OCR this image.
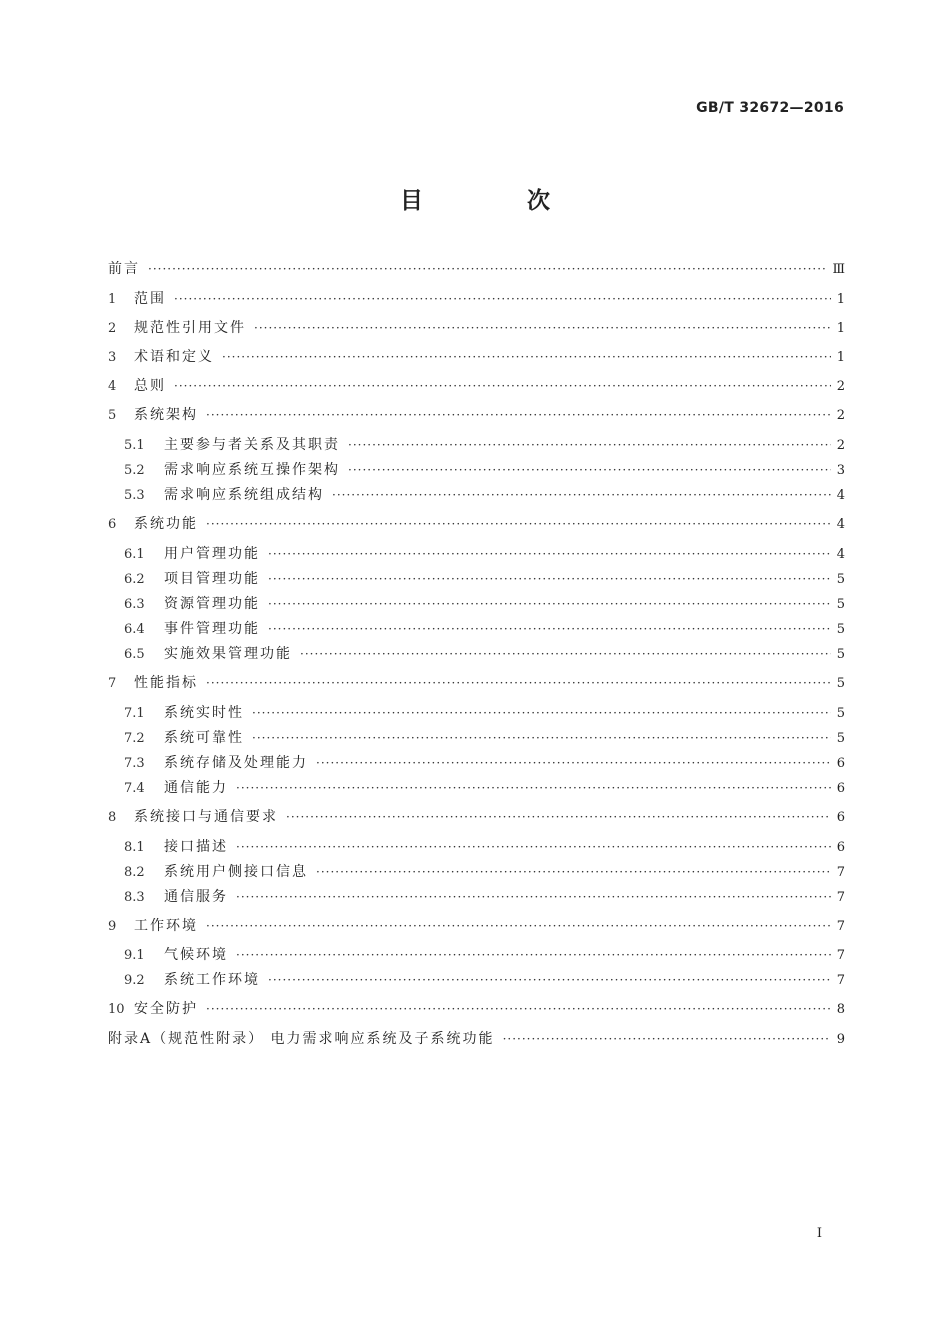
GB/T 32672—2016
目 次
前言 ·····	Ⅲ
1	范围 ·····	1
2	规范性引用文件 ·····	1
3	术语和定义 ·····	1
4	总则 ·····	2
5	系统架构 ·····	2
5.1	主要参与者关系及其职责 ·····	2
5.2	需求响应系统互操作架构 ·····	3
5.3	需求响应系统组成结构 ·····	4
6	系统功能 ·····	4
6.1	用户管理功能 ·····	4
6.2	项目管理功能 ·····	5
6.3	资源管理功能 ·····	5
6.4	事件管理功能 ·····	5
6.5	实施效果管理功能 ·····	5
7	性能指标 ·····	5
7.1	系统实时性 ·····	5
7.2	系统可靠性 ·····	5
7.3	系统存储及处理能力 ·····	6
7.4	通信能力 ·····	6
8	系统接口与通信要求 ·····	6
8.1	接口描述 ·····	6
8.2	系统用户侧接口信息 ·····	7
8.3	通信服务 ·····	7
9	工作环境 ·····	7
9.1	气候环境 ·····	7
9.2	系统工作环境 ·····	7
10 安全防护 ·····	8
附录A（规范性附录） 电力需求响应系统及子系统功能 ·····	9
Ⅰ
